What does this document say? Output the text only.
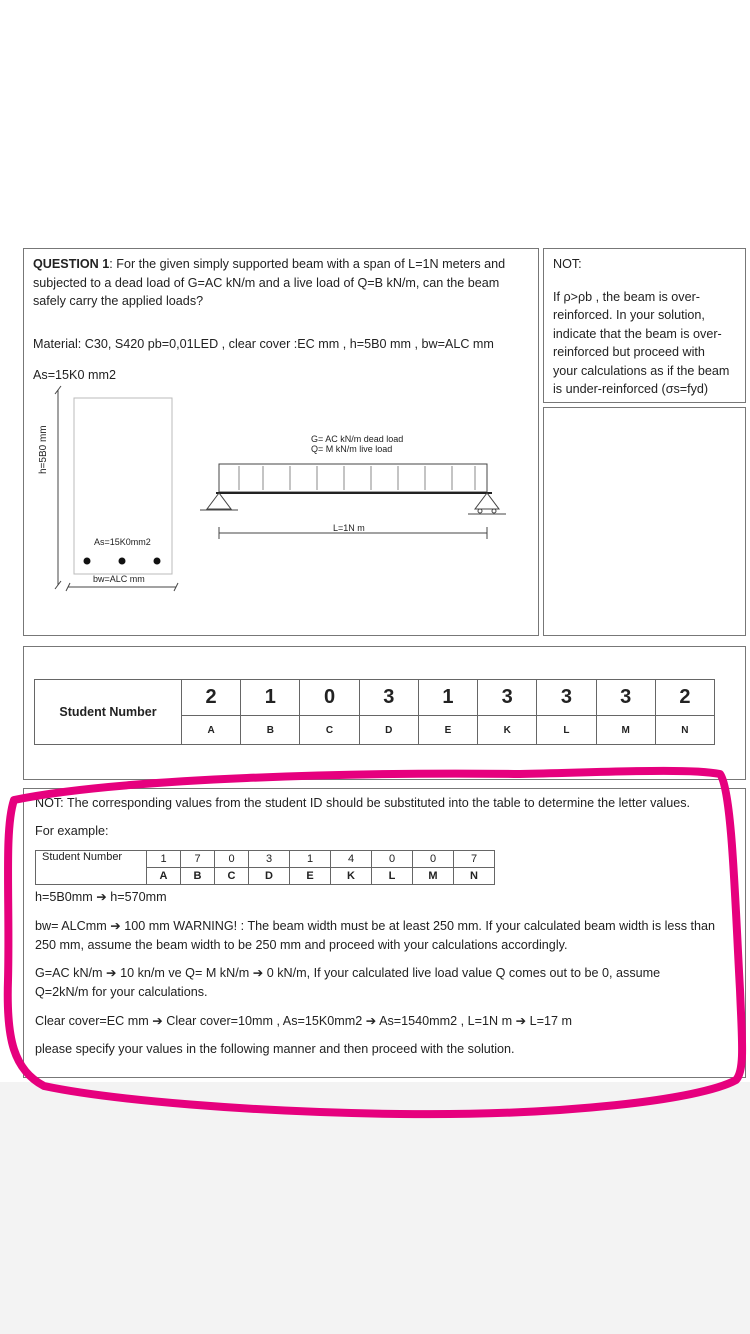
QUESTION 1: For the given simply supported beam with a span of L=1N meters and

subjected to a dead load of G=AC kN/m and a live load of Q=B kN/m, can the beam

safely carry the applied loads?

Material: C30, S420 pb=0,01LED , clear cover :EC mm , h=5B0 mm , bw=ALC mm

As=15K0 mm2

NOT:

If ρ>ρb , the beam is over-
reinforced. In your solution,
indicate that the beam is over-
reinforced but proceed with
your calculations as if the beam
is under-reinforced (σs=fyd)
h=5B0 mm
As=15K0mm2
bw=ALC mm
G= AC kN/m dead load
Q= M kN/m live load
L=1N m
Student Number	2	1	0	3	1	3	3	3	2
	A	B	C	D	E	K	L	M	N
NOT: The corresponding values from the student ID should be substituted into the table to determine the letter values.
For example:
Student Number	1	7	0	3	1	4	0	0	7
	A	B	C	D	E	K	L	M	N
h=5B0mm ➔ h=570mm

bw= ALCmm ➔ 100 mm WARNING! : The beam width must be at least 250 mm. If your calculated beam width is less than

250 mm, assume the beam width to be 250 mm and proceed with your calculations accordingly.

G=AC kN/m ➔ 10 kn/m ve Q= M kN/m ➔ 0 kN/m, If your calculated live load value Q comes out to be 0, assume

Q=2kN/m for your calculations.

Clear cover=EC mm ➔ Clear cover=10mm , As=15K0mm2 ➔ As=1540mm2 , L=1N m ➔ L=17 m
please specify your values in the following manner and then proceed with the solution.
